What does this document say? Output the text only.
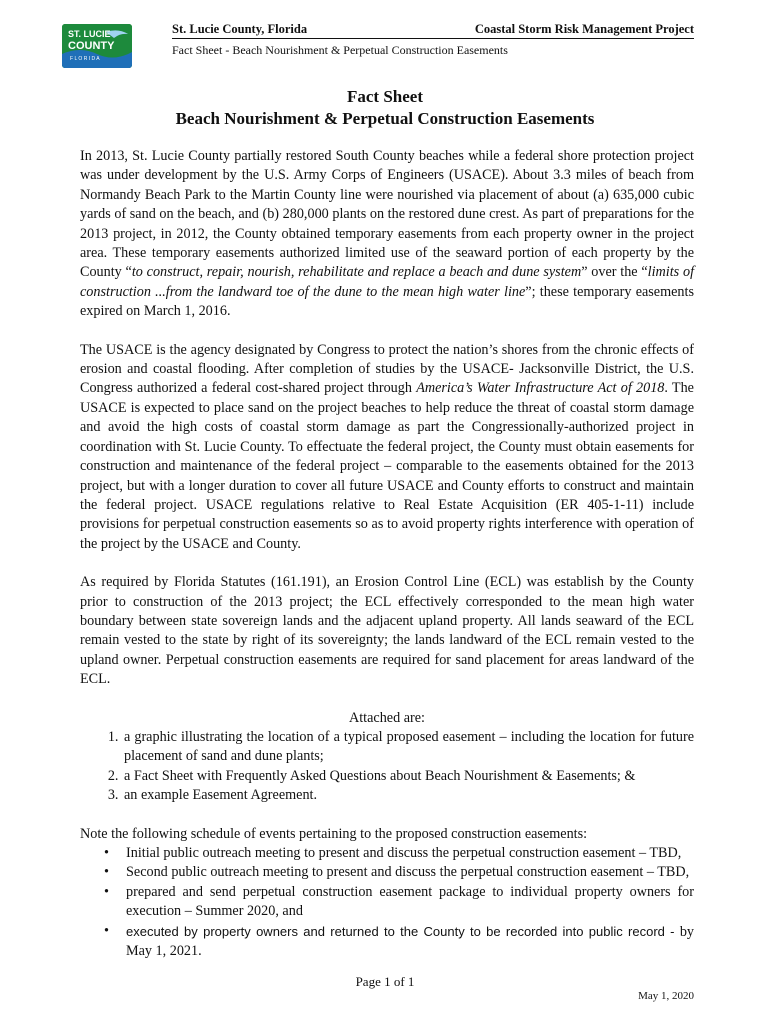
ST. LUCIE
COUNTY
F L O R I D A
St. Lucie County, Florida	Coastal Storm Risk Management Project
Fact Sheet - Beach Nourishment & Perpetual Construction Easements
Fact Sheet
Beach Nourishment & Perpetual Construction Easements

In 2013, St. Lucie County partially restored South County beaches while a federal shore protection project was under development by the U.S. Army Corps of Engineers (USACE). About 3.3 miles of beach from Normandy Beach Park to the Martin County line were nourished via placement of about (a) 635,000 cubic yards of sand on the beach, and (b) 280,000 plants on the restored dune crest. As part of preparations for the 2013 project, in 2012, the County obtained temporary easements from each property owner in the project area. These temporary easements authorized limited use of the seaward portion of each property by the County “to construct, repair, nourish, rehabilitate and replace a beach and dune system” over the “limits of construction ...from the landward toe of the dune to the mean high water line”; these temporary easements expired on March 1, 2016.

The USACE is the agency designated by Congress to protect the nation’s shores from the chronic effects of erosion and coastal flooding. After completion of studies by the USACE- Jacksonville District, the U.S. Congress authorized a federal cost-shared project through America’s Water Infrastructure Act of 2018. The USACE is expected to place sand on the project beaches to help reduce the threat of coastal storm damage and avoid the high costs of coastal storm damage as part the Congressionally-authorized project in coordination with St. Lucie County. To effectuate the federal project, the County must obtain easements for construction and maintenance of the federal project – comparable to the easements obtained for the 2013 project, but with a longer duration to cover all future USACE and County efforts to construct and maintain the federal project. USACE regulations relative to Real Estate Acquisition (ER 405-1-11) include provisions for perpetual construction easements so as to avoid property rights interference with operation of the project by the USACE and County.

As required by Florida Statutes (161.191), an Erosion Control Line (ECL) was establish by the County prior to construction of the 2013 project; the ECL effectively corresponded to the mean high water boundary between state sovereign lands and the adjacent upland property. All lands seaward of the ECL remain vested to the state by right of its sovereignty; the lands landward of the ECL remain vested to the upland owner. Perpetual construction easements are required for sand placement for areas landward of the ECL.

Attached are:

1. a graphic illustrating the location of a typical proposed easement – including the location for future placement of sand and dune plants;
2. a Fact Sheet with Frequently Asked Questions about Beach Nourishment & Easements; &
3. an example Easement Agreement.

Note the following schedule of events pertaining to the proposed construction easements:

• Initial public outreach meeting to present and discuss the perpetual construction easement – TBD,
• Second public outreach meeting to present and discuss the perpetual construction easement – TBD,
• prepared and send perpetual construction easement package to individual property owners for execution – Summer 2020, and
• executed by property owners and returned to the County to be recorded into public record - by May 1, 2021.
Page 1 of 1
May 1, 2020
